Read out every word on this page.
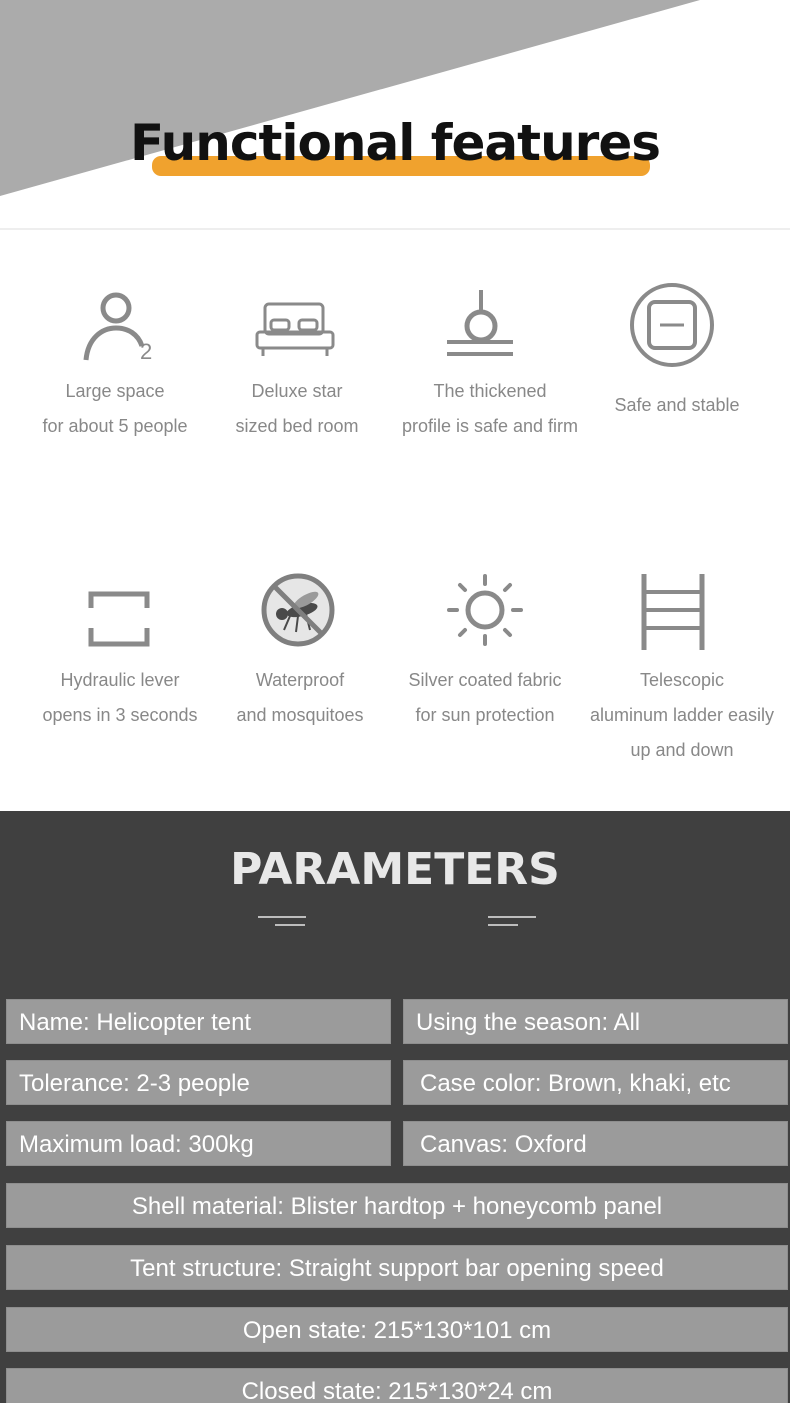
Functional features
2
Large space
for about 5 people
Deluxe star
sized bed room
The thickened
profile is safe and firm
Safe and stable
Hydraulic lever
opens in 3 seconds
Waterproof
and mosquitoes
Silver coated fabric
for sun protection
Telescopic
aluminum ladder easily
up and down
PARAMETERS
Name: Helicopter tent	Using the season: All
Tolerance: 2-3 people	Case color: Brown, khaki, etc
Maximum load: 300kg	Canvas: Oxford
Shell material: Blister hardtop + honeycomb panel
Tent structure: Straight support bar opening speed
Open state: 215*130*101 cm
Closed state: 215*130*24 cm
